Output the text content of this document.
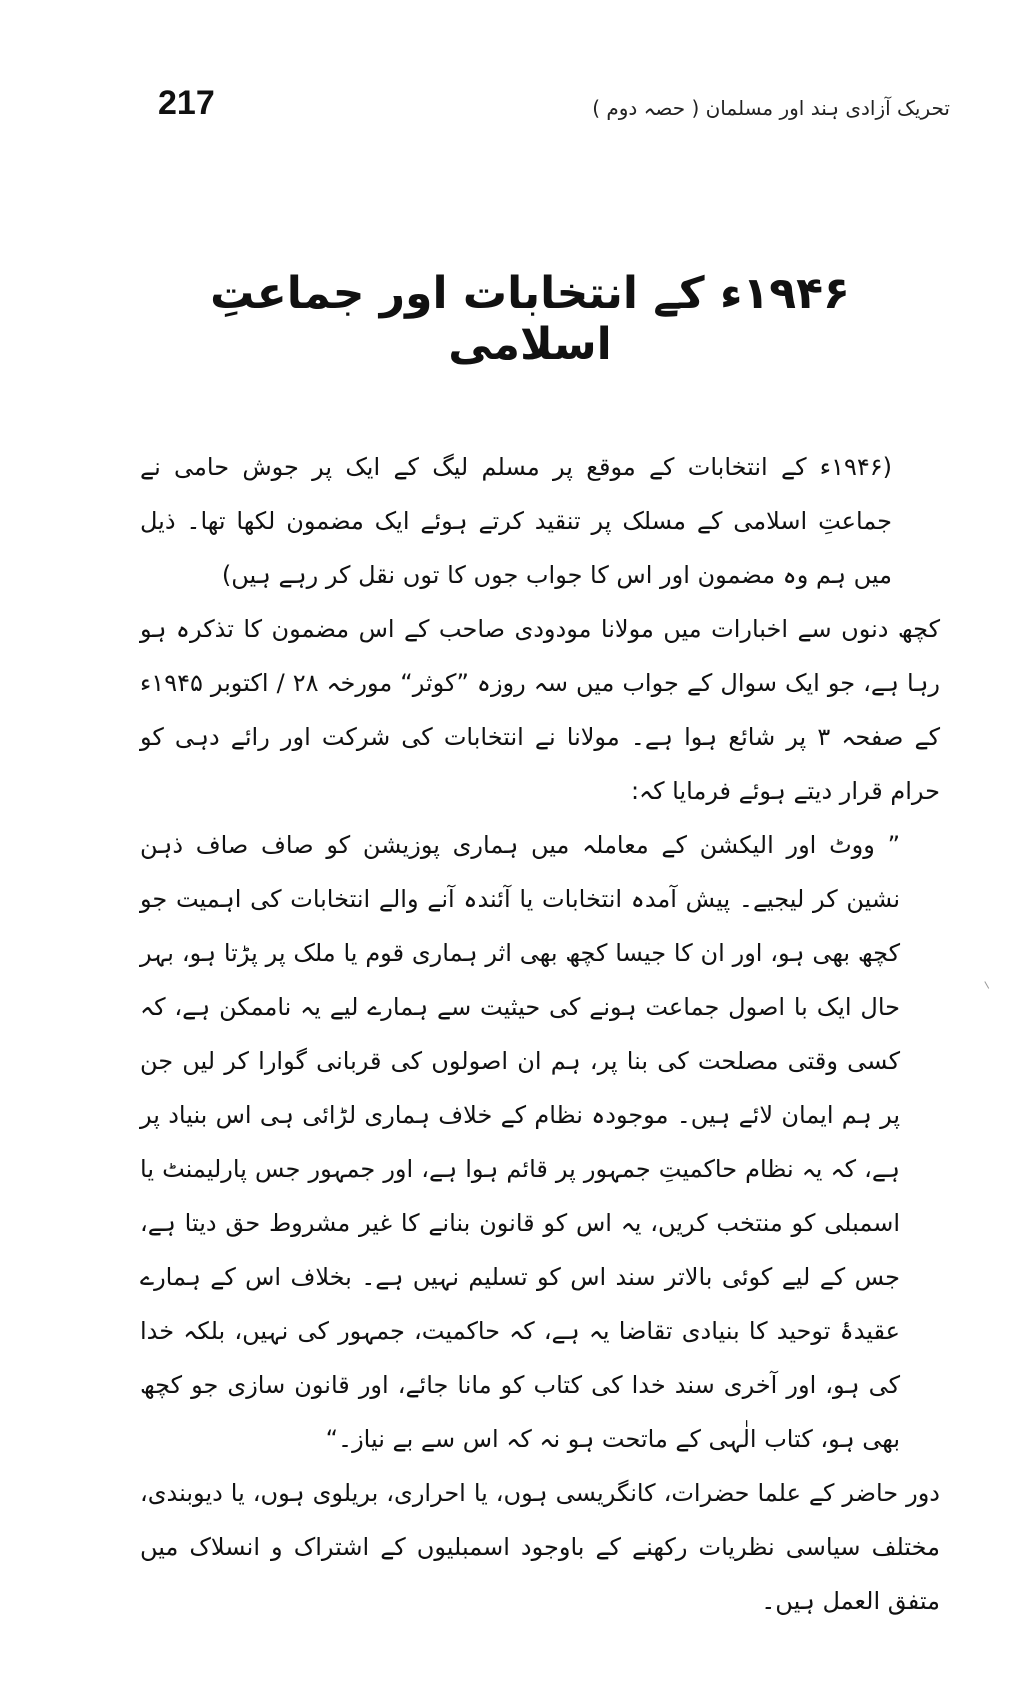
217	تحریک آزادی ہند اور مسلمان ( حصہ دوم )
۱۹۴۶ء کے انتخابات اور جماعتِ اسلامی

(۱۹۴۶ء کے انتخابات کے موقع پر مسلم لیگ کے ایک پر جوش حامی نے جماعتِ اسلامی کے مسلک پر تنقید کرتے ہوئے ایک مضمون لکھا تھا۔ ذیل میں ہم وہ مضمون اور اس کا جواب جوں کا توں نقل کر رہے ہیں)

کچھ دنوں سے اخبارات میں مولانا مودودی صاحب کے اس مضمون کا تذکرہ ہو رہا ہے، جو ایک سوال کے جواب میں سہ روزہ ”کوثر“ مورخہ ۲۸ / اکتوبر ۱۹۴۵ء کے صفحہ ۳ پر شائع ہوا ہے۔ مولانا نے انتخابات کی شرکت اور رائے دہی کو حرام قرار دیتے ہوئے فرمایا کہ:

” ووٹ اور الیکشن کے معاملہ میں ہماری پوزیشن کو صاف صاف ذہن نشین کر لیجیے۔ پیش آمدہ انتخابات یا آئندہ آنے والے انتخابات کی اہمیت جو کچھ بھی ہو، اور ان کا جیسا کچھ بھی اثر ہماری قوم یا ملک پر پڑتا ہو، بہر حال ایک با اصول جماعت ہونے کی حیثیت سے ہمارے لیے یہ ناممکن ہے، کہ کسی وقتی مصلحت کی بنا پر، ہم ان اصولوں کی قربانی گوارا کر لیں جن پر ہم ایمان لائے ہیں۔ موجودہ نظام کے خلاف ہماری لڑائی ہی اس بنیاد پر ہے، کہ یہ نظام حاکمیتِ جمہور پر قائم ہوا ہے، اور جمہور جس پارلیمنٹ یا اسمبلی کو منتخب کریں، یہ اس کو قانون بنانے کا غیر مشروط حق دیتا ہے، جس کے لیے کوئی بالاتر سند اس کو تسلیم نہیں ہے۔ بخلاف اس کے ہمارے عقیدۂ توحید کا بنیادی تقاضا یہ ہے، کہ حاکمیت، جمہور کی نہیں، بلکہ خدا کی ہو، اور آخری سند خدا کی کتاب کو مانا جائے، اور قانون سازی جو کچھ بھی ہو، کتاب الٰہی کے ماتحت ہو نہ کہ اس سے بے نیاز۔“

دور حاضر کے علما حضرات، کانگریسی ہوں، یا احراری، بریلوی ہوں، یا دیوبندی، مختلف سیاسی نظریات رکھنے کے باوجود اسمبلیوں کے اشتراک و انسلاک میں متفق العمل ہیں۔
